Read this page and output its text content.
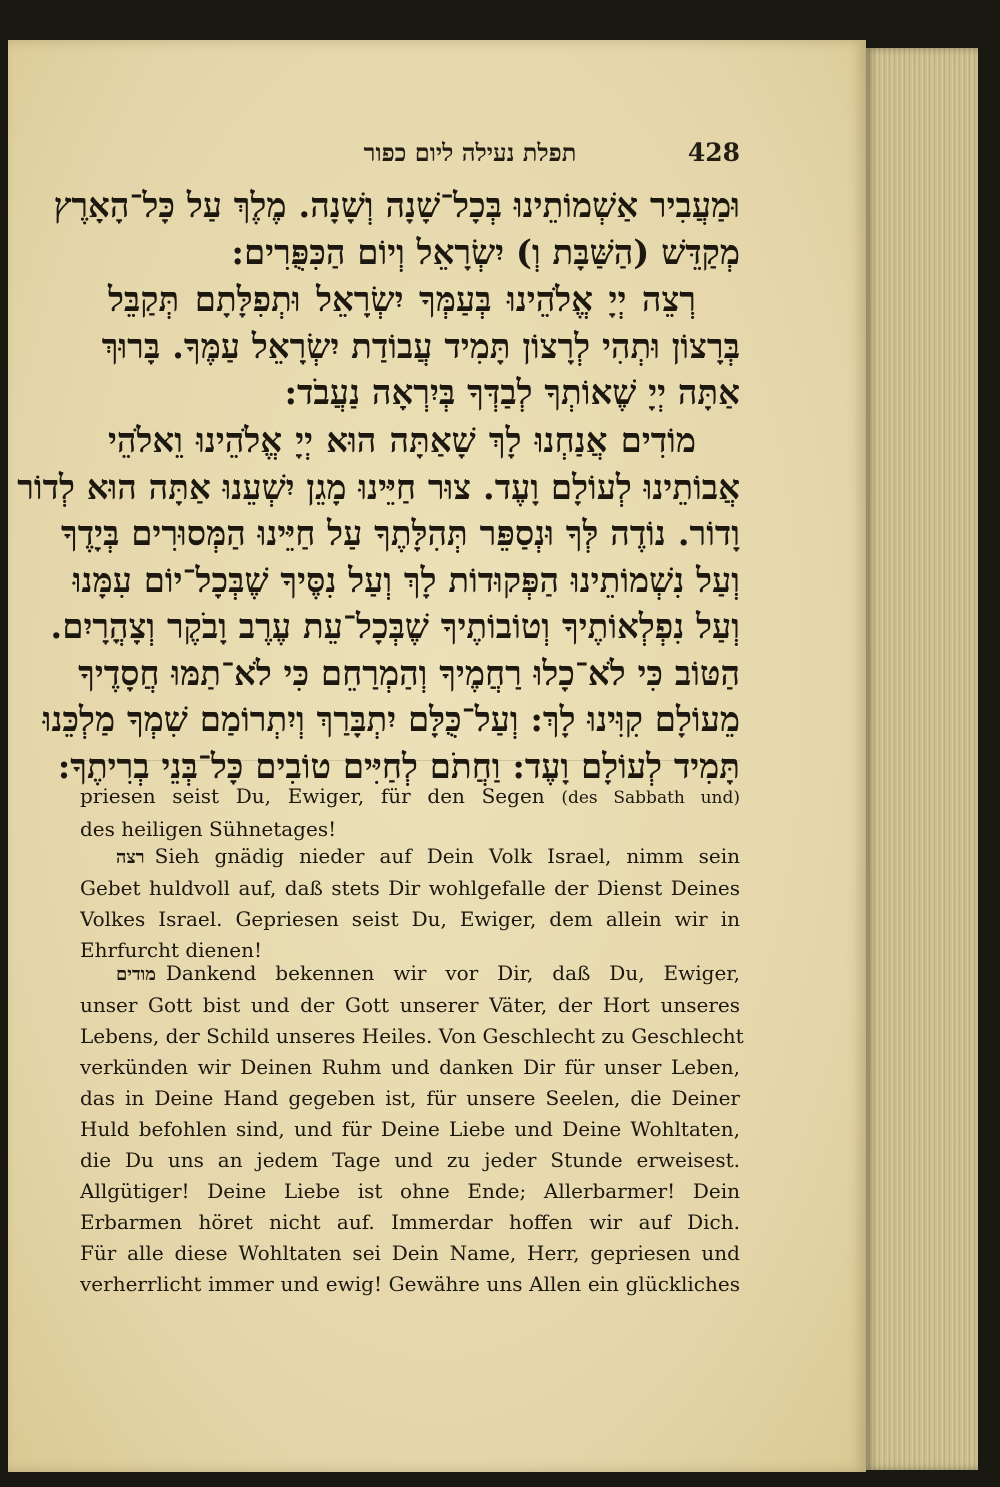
תפלת נעילה ליום כפור	428
וּמַעֲבִיר אַשְׁמוֹתֵינוּ בְּכָל־שָׁנָה וְשָׁנָה. מֶלֶךְ עַל כָּל־הָאָרֶץ
מְקַדֵּשׁ (הַשַּׁבָּת וְ) יִשְׂרָאֵל וְיוֹם הַכִּפֻּרִים:
רְצֵה יְיָ אֱלֹהֵינוּ בְּעַמְּךָ יִשְׂרָאֵל וּתְפִלָּתָם תְּקַבֵּל
בְּרָצוֹן וּתְהִי לְרָצוֹן תָּמִיד עֲבוֹדַת יִשְׂרָאֵל עַמֶּךָ. בָּרוּךְ
אַתָּה יְיָ שֶׁאוֹתְךָ לְבַדְּךָ בְּיִרְאָה נַעֲבֹד:
מוֹדִים אֲנַחְנוּ לָךְ שָׁאַתָּה הוּא יְיָ אֱלֹהֵינוּ וֵאלֹהֵי
אֲבוֹתֵינוּ לְעוֹלָם וָעֶד. צוּר חַיֵּינוּ מָגֵן יִשְׁעֵנוּ אַתָּה הוּא לְדוֹר
וָדוֹר. נוֹדֶה לְּךָ וּנְסַפֵּר תְּהִלָּתֶךָ עַל חַיֵּינוּ הַמְּסוּרִים בְּיָדֶךָ
וְעַל נִשְׁמוֹתֵינוּ הַפְּקוּדוֹת לָךְ וְעַל נִסֶּיךָ שֶׁבְּכָל־יוֹם עִמָּנוּ
וְעַל נִפְלְאוֹתֶיךָ וְטוֹבוֹתֶיךָ שֶׁבְּכָל־עֵת עֶרֶב וָבֹקֶר וְצָהֳרָיִם.
הַטּוֹב כִּי לֹא־כָלוּ רַחֲמֶיךָ וְהַמְרַחֵם כִּי לֹא־תַמּוּ חֲסָדֶיךָ
מֵעוֹלָם קִוִּינוּ לָךְ: וְעַל־כֻּלָּם יִתְבָּרַךְ וְיִתְרוֹמַם שִׁמְךָ מַלְכֵּנוּ
תָּמִיד לְעוֹלָם וָעֶד: וַחֲתֹם לְחַיִּים טוֹבִים כָּל־בְּנֵי בְרִיתֶךָ:
priesen seist Du, Ewiger, für den Segen (des Sabbath und)
des heiligen Sühnetages!
רצה Sieh gnädig nieder auf Dein Volk Israel, nimm sein
Gebet huldvoll auf, daß stets Dir wohlgefalle der Dienst Deines
Volkes Israel. Gepriesen seist Du, Ewiger, dem allein wir in
Ehrfurcht dienen!
מודים Dankend bekennen wir vor Dir, daß Du, Ewiger,
unser Gott bist und der Gott unserer Väter, der Hort unseres
Lebens, der Schild unseres Heiles. Von Geschlecht zu Geschlecht
verkünden wir Deinen Ruhm und danken Dir für unser Leben,
das in Deine Hand gegeben ist, für unsere Seelen, die Deiner
Huld befohlen sind, und für Deine Liebe und Deine Wohltaten,
die Du uns an jedem Tage und zu jeder Stunde erweisest.
Allgütiger! Deine Liebe ist ohne Ende; Allerbarmer! Dein
Erbarmen höret nicht auf. Immerdar hoffen wir auf Dich.
Für alle diese Wohltaten sei Dein Name, Herr, gepriesen und
verherrlicht immer und ewig! Gewähre uns Allen ein glückliches
